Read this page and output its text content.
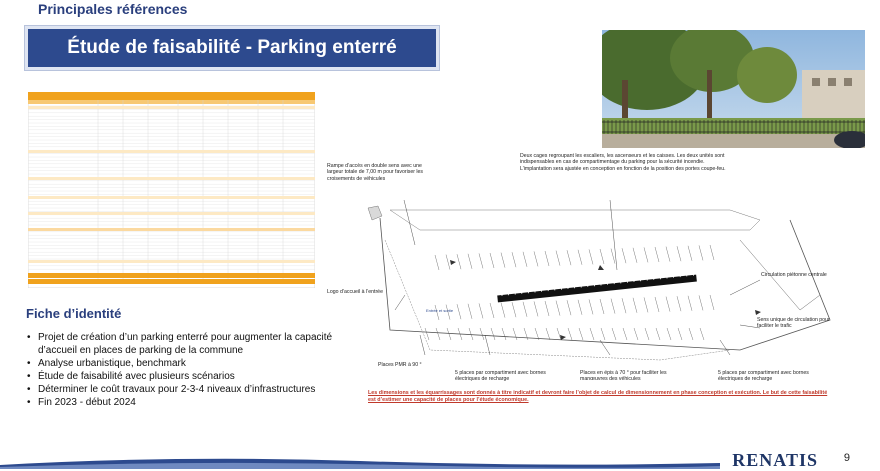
Principales références
Étude de faisabilité - Parking enterré
Fiche d’identité
• Projet de création d’un parking enterré pour augmenter la capacité d’accueil en places de parking de la commune
• Analyse urbanistique, benchmark
• Étude de faisabilité avec plusieurs scénarios
• Déterminer le coût travaux pour 2-3-4 niveaux d’infrastructures
• Fin 2023 - début 2024
Entrée et sortie
Rampe d’accès en double sens avec une largeur totale de 7,00 m pour favoriser les croisements de véhicules
Deux cages regroupant les escaliers, les ascenseurs et les caisses. Les deux unités sont indispensables en cas de compartimentage du parking pour la sécurité incendie. L’implantation sera ajustée en conception en fonction de la position des portes coupe-feu.
Circulation piétonne centrale
Logo d’accueil à l’entrée
Sens unique de circulation pour faciliter le trafic
Places PMR à 90 °
5 places par compartiment avec bornes électriques de recharge
Places en épis à 70 ° pour faciliter les manœuvres des véhicules
5 places par compartiment avec bornes électriques de recharge
Les dimensions et les équarrissages sont donnés à titre indicatif et devront faire l’objet de calcul de dimensionnement en phase conception et exécution. Le but de cette faisabilité est d’estimer une capacité de places pour l’étude économique.
RENATIS 9
